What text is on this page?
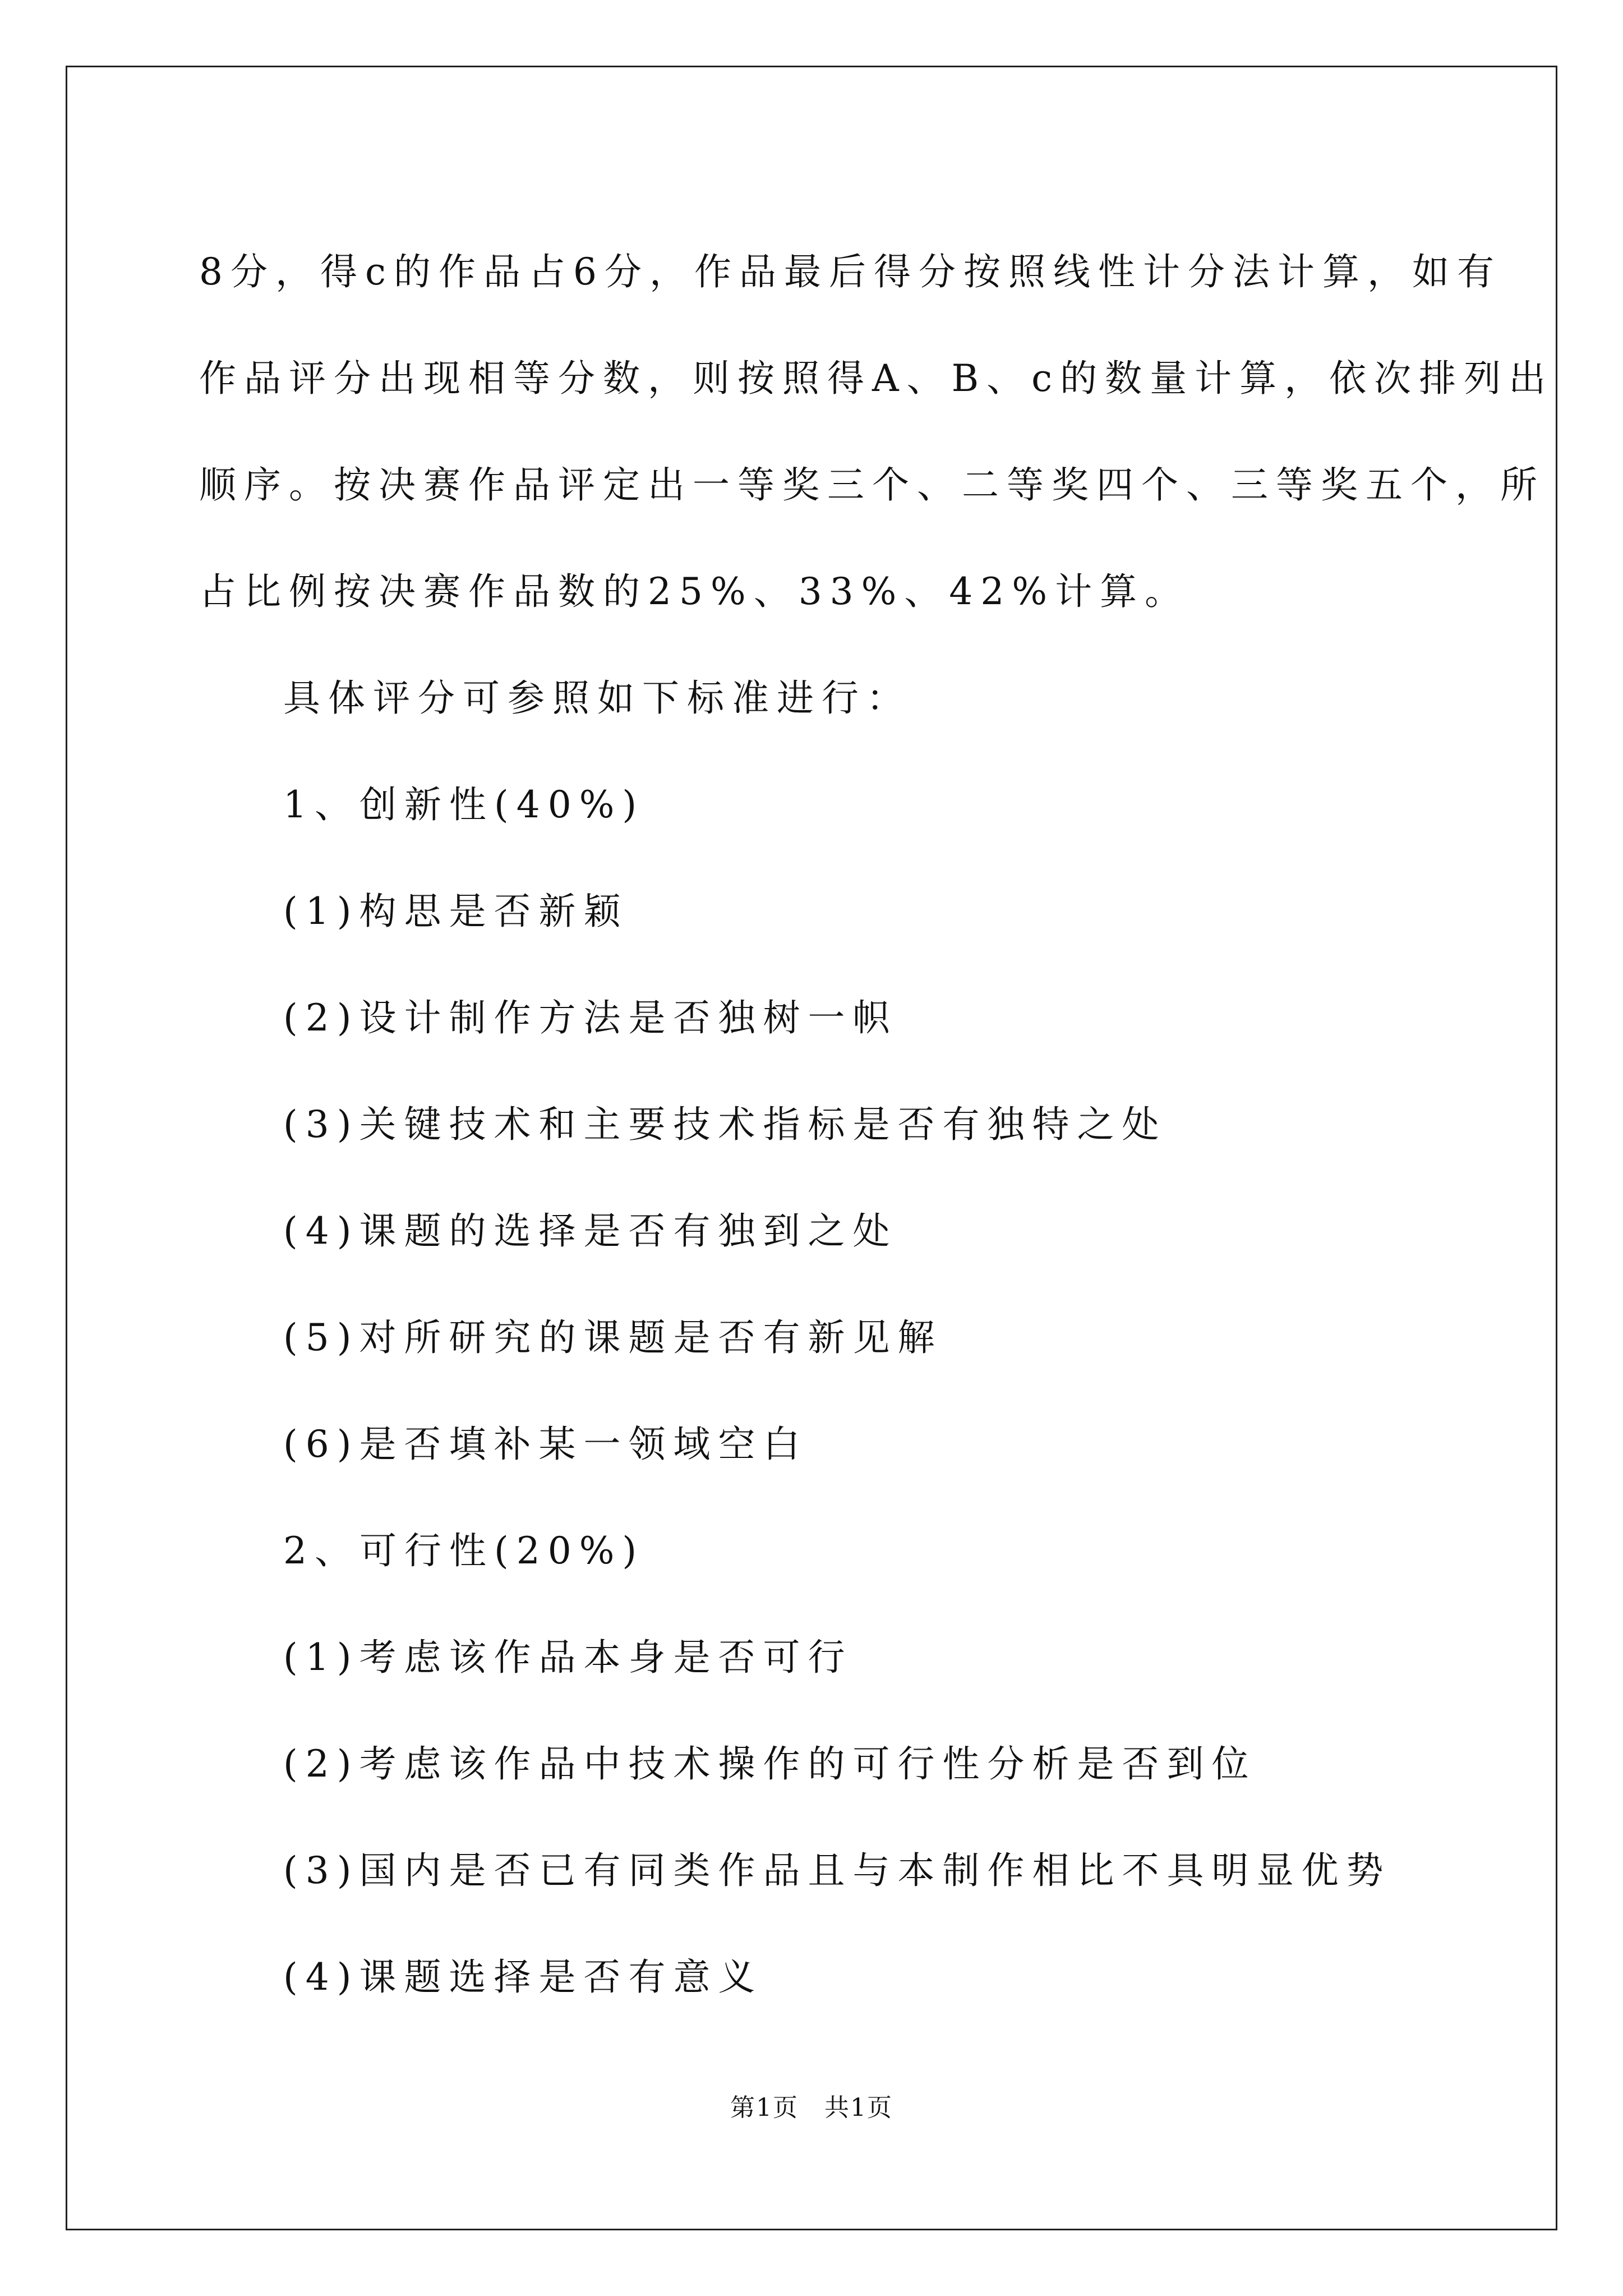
8分，得c的作品占6分，作品最后得分按照线性计分法计算，如有

作品评分出现相等分数，则按照得A、B、c的数量计算，依次排列出

顺序。按决赛作品评定出一等奖三个、二等奖四个、三等奖五个，所

占比例按决赛作品数的25%、33%、42%计算。

具体评分可参照如下标准进行：

1、创新性(40%)

(1)构思是否新颖

(2)设计制作方法是否独树一帜

(3)关键技术和主要技术指标是否有独特之处

(4)课题的选择是否有独到之处

(5)对所研究的课题是否有新见解

(6)是否填补某一领域空白

2、可行性(20%)

(1)考虑该作品本身是否可行

(2)考虑该作品中技术操作的可行性分析是否到位

(3)国内是否已有同类作品且与本制作相比不具明显优势

(4)课题选择是否有意义

第1页　共1页
